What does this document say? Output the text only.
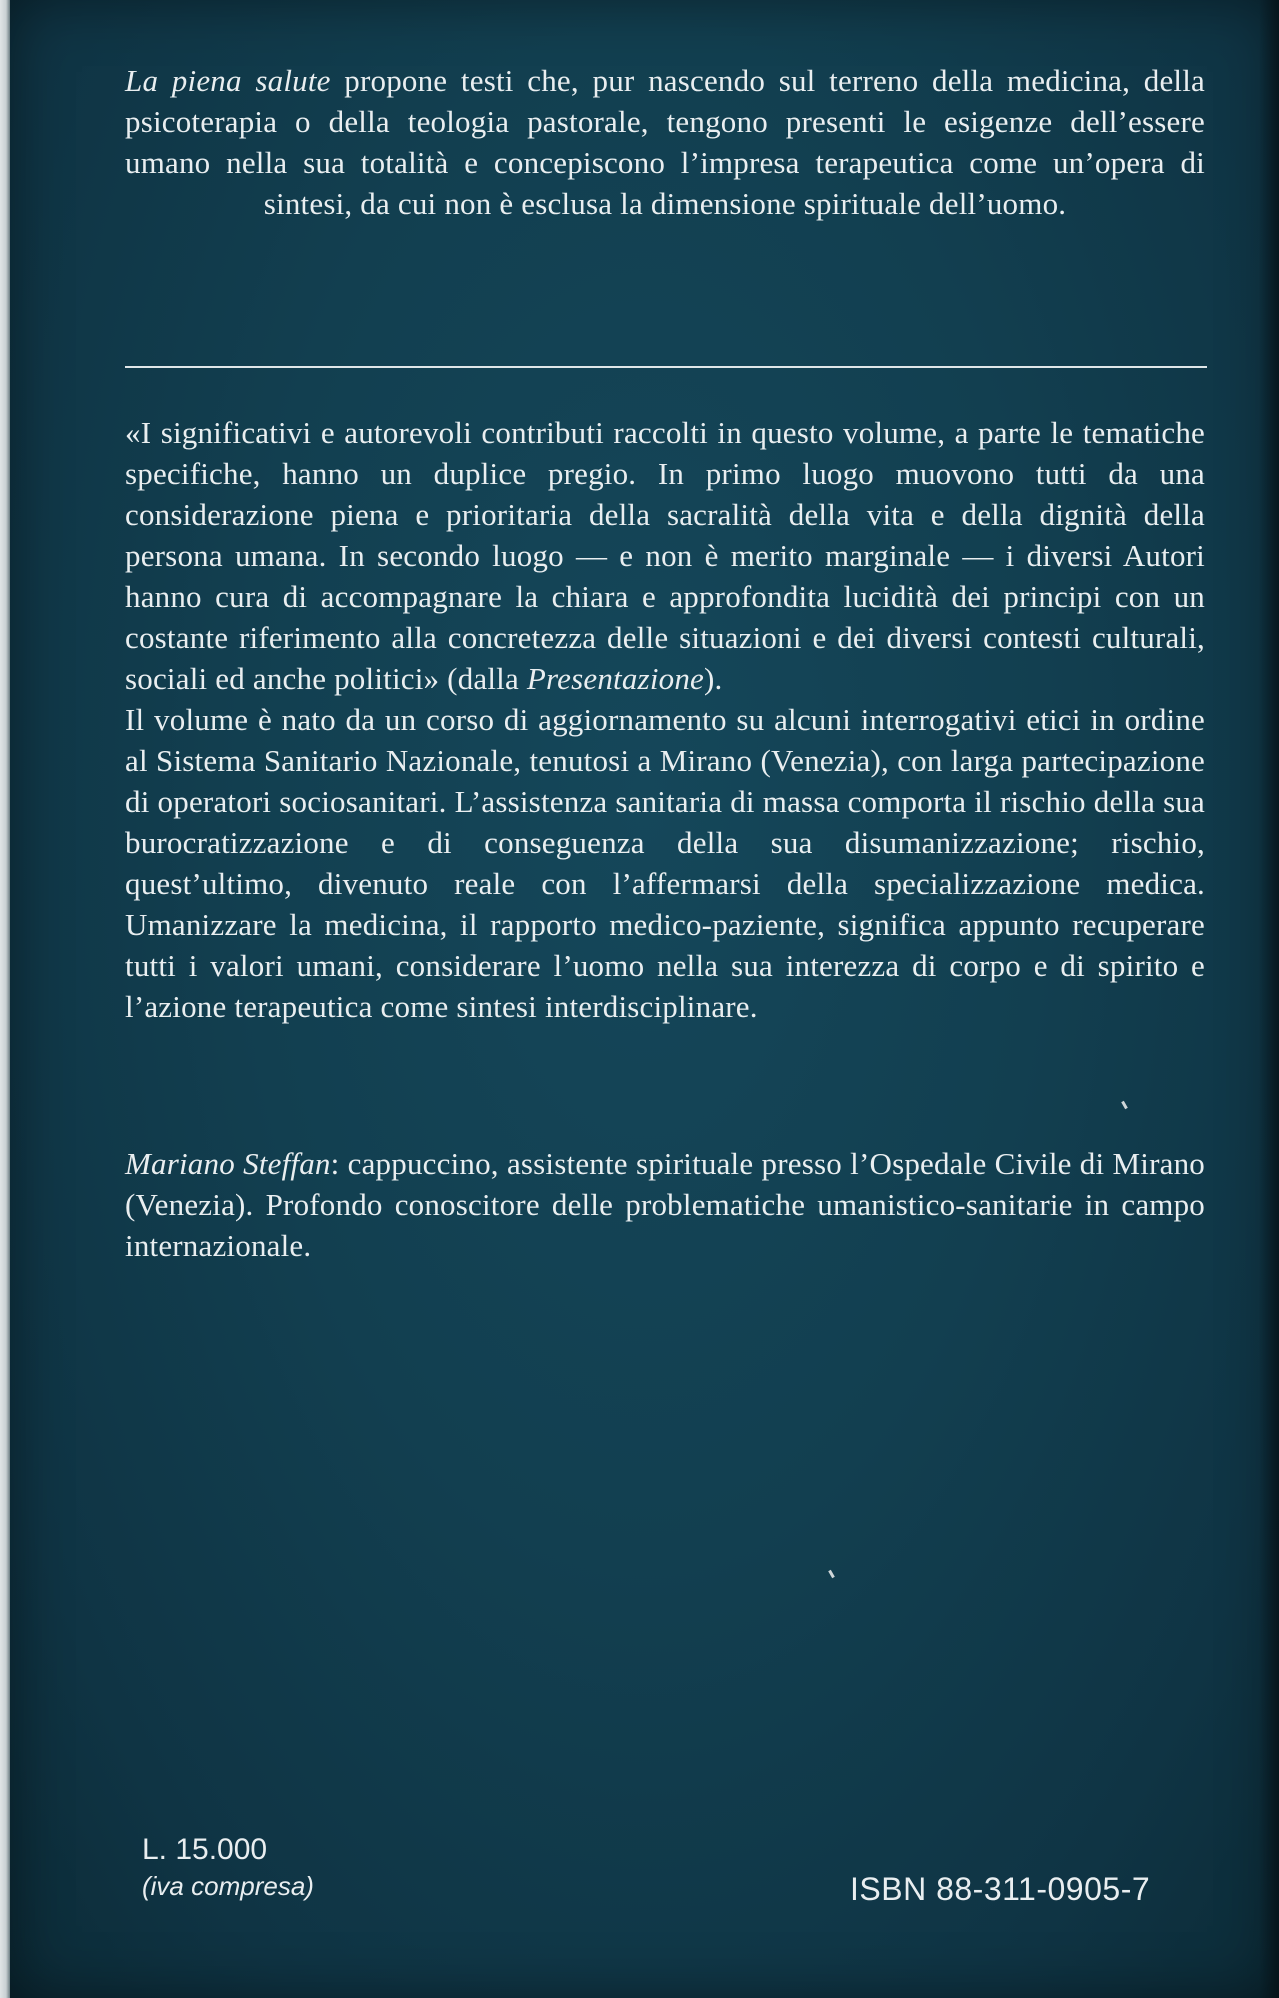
La piena salute propone testi che, pur nascendo sul terreno della medicina, della psicoterapia o della teologia pastorale, tengono presenti le esigenze dell’essere umano nella sua totalità e concepiscono l’impresa terapeutica come un’opera di sintesi, da cui non è esclusa la dimensione spirituale dell’uomo.

«I significativi e autorevoli contributi raccolti in questo volume, a parte le tematiche specifiche, hanno un duplice pregio. In primo luogo muovono tutti da una considerazione piena e prioritaria della sacralità della vita e della dignità della persona umana. In secondo luogo — e non è merito marginale — i diversi Autori hanno cura di accompagnare la chiara e approfondita lucidità dei principi con un costante riferimento alla concretezza delle situazioni e dei diversi contesti culturali, sociali ed anche politici» (dalla Presentazione).

Il volume è nato da un corso di aggiornamento su alcuni interrogativi etici in ordine al Sistema Sanitario Nazionale, tenutosi a Mirano (Venezia), con larga partecipazione di operatori sociosanitari. L’assistenza sanitaria di massa comporta il rischio della sua burocratizzazione e di conseguenza della sua disumanizzazione; rischio, quest’ultimo, divenuto reale con l’affermarsi della specializzazione medica. Umanizzare la medicina, il rapporto medico-paziente, significa appunto recuperare tutti i valori umani, considerare l’uomo nella sua interezza di corpo e di spirito e l’azione terapeutica come sintesi interdisciplinare.

Mariano Steffan: cappuccino, assistente spirituale presso l’Ospedale Civile di Mirano (Venezia). Profondo conoscitore delle problematiche umanistico-sanitarie in campo internazionale.
L. 15.000
(iva compresa)	ISBN 88-311-0905-7
